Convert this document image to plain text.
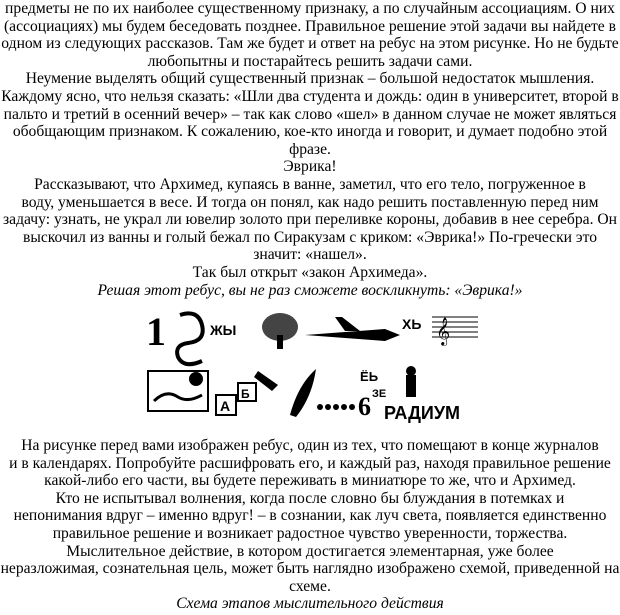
предметы не по их наиболее существенному признаку, а по случайным ассоциациям. О них
(ассоциациях) мы будем беседовать позднее. Правильное решение этой задачи вы найдете в
одном из следующих рассказов. Там же будет и ответ на ребус на этом рисунке. Но не будьте
любопытны и постарайтесь решить задачи сами.
Неумение выделять общий существенный признак – большой недостаток мышления.
Каждому ясно, что нельзя сказать: «Шли два студента и дождь: один в университет, второй в
пальто и третий в осенний вечер» – так как слово «шел» в данном случае не может являться
обобщающим признаком. К сожалению, кое-кто иногда и говорит, и думает подобно этой
фразе.
Эврика!
Рассказывают, что Архимед, купаясь в ванне, заметил, что его тело, погруженное в
воду, уменьшается в весе. И тогда он понял, как надо решить поставленную перед ним
задачу: узнать, не украл ли ювелир золото при переливке короны, добавив в нее серебра. Он
выскочил из ванны и голый бежал по Сиракузам с криком: «Эврика!» По-гречески это
значит: «нашел».
Так был открыт «закон Архимеда».
1	ЖЫ	ХЬ 𝄞
А
Б	6
ЁЬ
ЗЕ
РАДИУМ
На рисунке перед вами изображен ребус, один из тех, что помещают в конце журналов
и в календарях. Попробуйте расшифровать его, и каждый раз, находя правильное решение
какой-либо его части, вы будете переживать в миниатюре то же, что и Архимед.
Кто не испытывал волнения, когда после словно бы блуждания в потемках и
непонимания вдруг – именно вдруг! – в сознании, как луч света, появляется единственно
правильное решение и возникает радостное чувство уверенности, торжества.
Мыслительное действие, в котором достигается элементарная, уже более
неразложимая, сознательная цель, может быть наглядно изображено схемой, приведенной на
Схема этапов мыслительного действия
Решая этот ребус, вы не раз сможете воскликнуть: «Эврика!»
схеме.
